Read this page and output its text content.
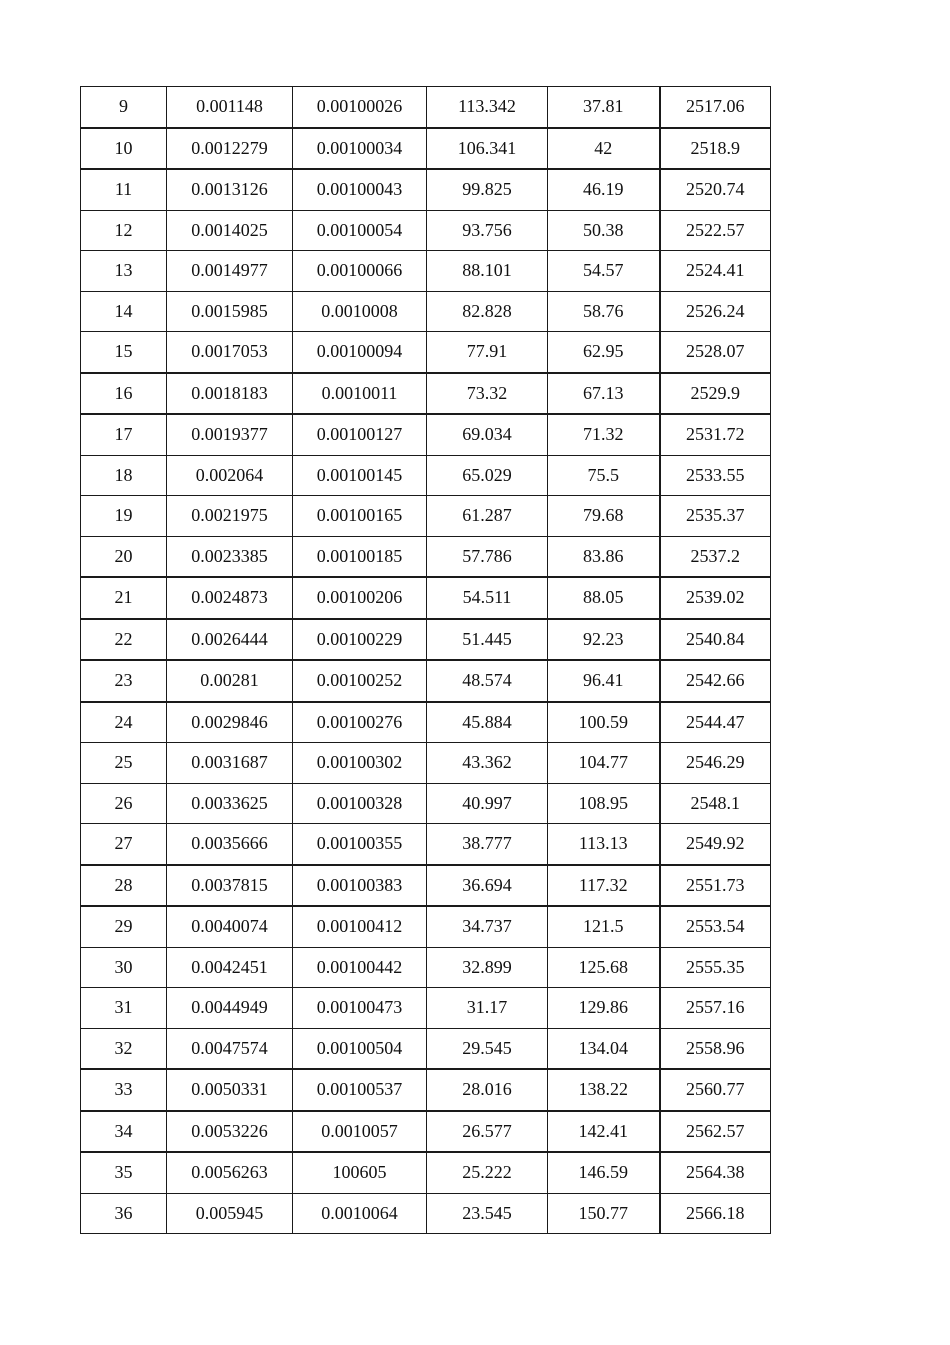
9	0.001148	0.00100026	113.342	37.81	2517.06
10	0.0012279	0.00100034	106.341	42	2518.9
11	0.0013126	0.00100043	99.825	46.19	2520.74
12	0.0014025	0.00100054	93.756	50.38	2522.57
13	0.0014977	0.00100066	88.101	54.57	2524.41
14	0.0015985	0.0010008	82.828	58.76	2526.24
15	0.0017053	0.00100094	77.91	62.95	2528.07
16	0.0018183	0.0010011	73.32	67.13	2529.9
17	0.0019377	0.00100127	69.034	71.32	2531.72
18	0.002064	0.00100145	65.029	75.5	2533.55
19	0.0021975	0.00100165	61.287	79.68	2535.37
20	0.0023385	0.00100185	57.786	83.86	2537.2
21	0.0024873	0.00100206	54.511	88.05	2539.02
22	0.0026444	0.00100229	51.445	92.23	2540.84
23	0.00281	0.00100252	48.574	96.41	2542.66
24	0.0029846	0.00100276	45.884	100.59	2544.47
25	0.0031687	0.00100302	43.362	104.77	2546.29
26	0.0033625	0.00100328	40.997	108.95	2548.1
27	0.0035666	0.00100355	38.777	113.13	2549.92
28	0.0037815	0.00100383	36.694	117.32	2551.73
29	0.0040074	0.00100412	34.737	121.5	2553.54
30	0.0042451	0.00100442	32.899	125.68	2555.35
31	0.0044949	0.00100473	31.17	129.86	2557.16
32	0.0047574	0.00100504	29.545	134.04	2558.96
33	0.0050331	0.00100537	28.016	138.22	2560.77
34	0.0053226	0.0010057	26.577	142.41	2562.57
35	0.0056263	100605	25.222	146.59	2564.38
36	0.005945	0.0010064	23.545	150.77	2566.18
